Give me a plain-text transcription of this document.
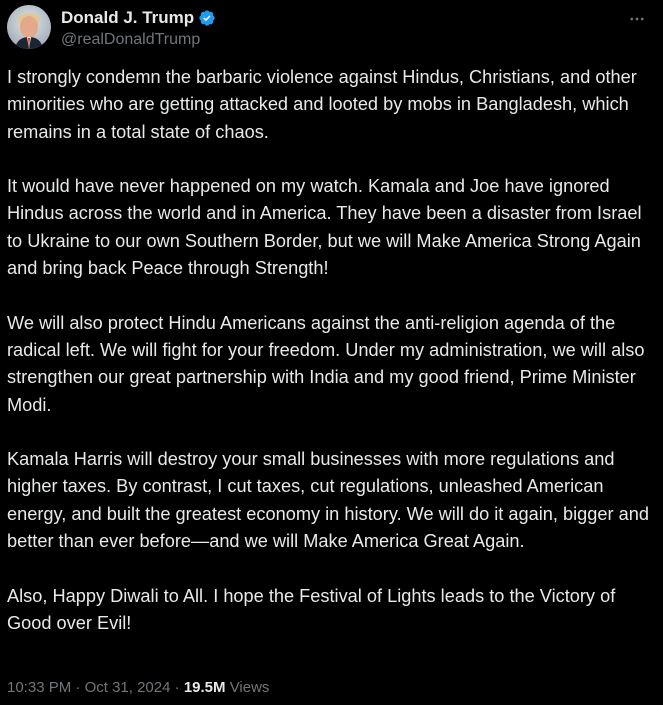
Donald J. Trump
@realDonaldTrump

I strongly condemn the barbaric violence against Hindus, Christians, and other minorities who are getting attacked and looted by mobs in Bangladesh, which remains in a total state of chaos.

It would have never happened on my watch. Kamala and Joe have ignored Hindus across the world and in America. They have been a disaster from Israel to Ukraine to our own Southern Border, but we will Make America Strong Again and bring back Peace through Strength!

We will also protect Hindu Americans against the anti-religion agenda of the radical left. We will fight for your freedom. Under my administration, we will also strengthen our great partnership with India and my good friend, Prime Minister Modi.

Kamala Harris will destroy your small businesses with more regulations and higher taxes. By contrast, I cut taxes, cut regulations, unleashed American energy, and built the greatest economy in history. We will do it again, bigger and better than ever before—and we will Make America Great Again.

Also, Happy Diwali to All. I hope the Festival of Lights leads to the Victory of Good over Evil!

10:33 PM · Oct 31, 2024 · 19.5M Views
